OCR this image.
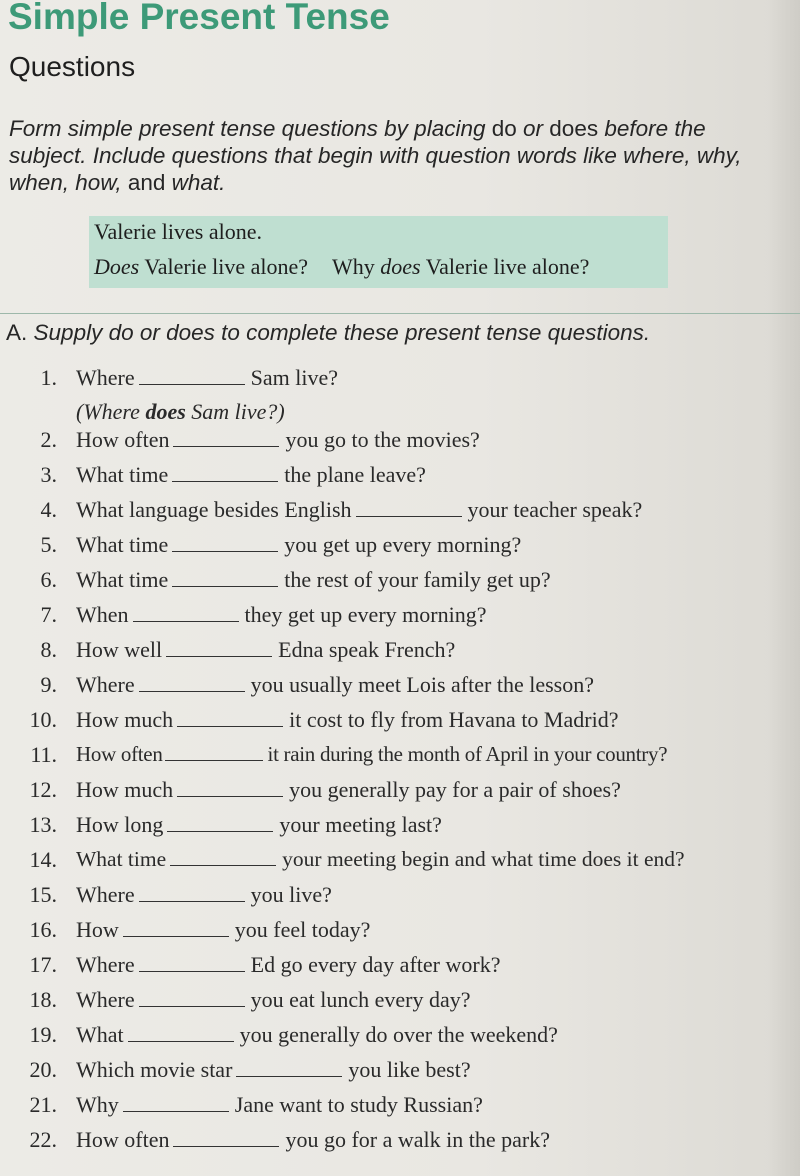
Simple Present Tense
Questions

Form simple present tense questions by placing do or does before the subject. Include questions that begin with question words like where, why, when, how, and what.

Valerie lives alone.
Does Valerie live alone? Why does Valerie live alone?
A. Supply do or does to complete these present tense questions.
1. Where	Sam live?
(Where does Sam live?)
2. How often	you go to the movies?
3. What time	the plane leave?
4. What language besides English	your teacher speak?
5. What time	you get up every morning?
6. What time	the rest of your family get up?
7. When	they get up every morning?
8. How well	Edna speak French?
9. Where	you usually meet Lois after the lesson?
10. How much	it cost to fly from Havana to Madrid?
11. How often	it rain during the month of April in your country?
12. How much	you generally pay for a pair of shoes?
13. How long	your meeting last?
14. What time	your meeting begin and what time does it end?
15. Where	you live?
16. How	you feel today?
17. Where	Ed go every day after work?
18. Where	you eat lunch every day?
19. What	you generally do over the weekend?
20. Which movie star	you like best?
21. Why	Jane want to study Russian?
22. How often	you go for a walk in the park?
